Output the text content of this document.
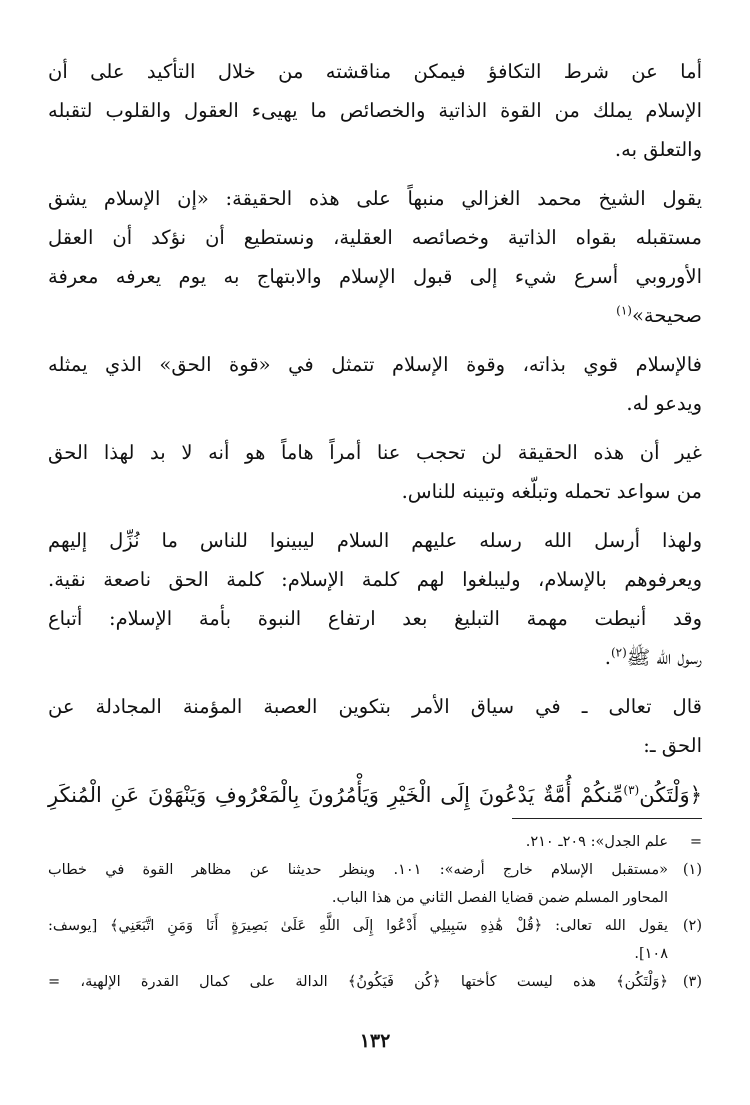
أما عن شرط التكافؤ فيمكن مناقشته من خلال التأكيد على أن
الإسلام يملك من القوة الذاتية والخصائص ما يهيىء العقول والقلوب لتقبله
والتعلق به.

يقول الشيخ محمد الغزالي منبهاً على هذه الحقيقة: «إن الإسلام يشق
مستقبله بقواه الذاتية وخصائصه العقلية، ونستطيع أن نؤكد أن العقل
الأوروبي أسرع شيء إلى قبول الإسلام والابتهاج به يوم يعرفه معرفة
صحيحة»$^{(١)}$

فالإسلام قوي بذاته، وقوة الإسلام تتمثل في «قوة الحق» الذي يمثله
ويدعو له.

غير أن هذه الحقيقة لن تحجب عنا أمراً هاماً هو أنه لا بد لهذا الحق
من سواعد تحمله وتبلّغه وتبينه للناس.

ولهذا أرسل الله رسله عليهم السلام ليبينوا للناس ما نُزِّل إليهم
ويعرفوهم بالإسلام، وليبلغوا لهم كلمة الإسلام: كلمة الحق ناصعة نقية.
وقد أنيطت مهمة التبليغ بعد ارتفاع النبوة بأمة الإسلام: أتباع
رسول الله ﷺ$^{(٢)}$.

قال تعالى ـ في سياق الأمر بتكوين العصبة المؤمنة المجادلة عن
الحق ـ:

﴿وَلْتَكُن$^{(٣)}$مِّنكُمْ أُمَّةٌ يَدْعُونَ إِلَى الْخَيْرِ وَيَأْمُرُونَ بِالْمَعْرُوفِ وَيَنْهَوْنَ عَنِ الْمُنكَرِ
=
علم الجدل»: ٢٠٩ـ ٢١٠.
(١)
«مستقبل الإسلام خارج أرضه»: ١٠١. وينظر حديثنا عن مظاهر القوة في خطاب
المحاور المسلم ضمن قضايا الفصل الثاني من هذا الباب.
(٢)
يقول الله تعالى: ﴿قُلْ هَٰذِهِ سَبِيلِي أَدْعُوا إِلَى اللَّهِ عَلَىٰ بَصِيرَةٍ أَنَا وَمَنِ اتَّبَعَنِي﴾ [يوسف:
١٠٨].
(٣)
﴿وَلْتَكُن﴾ هذه ليست كأختها ﴿كُن فَيَكُونُ﴾ الدالة على كمال القدرة الإلهية، =
١٣٢
